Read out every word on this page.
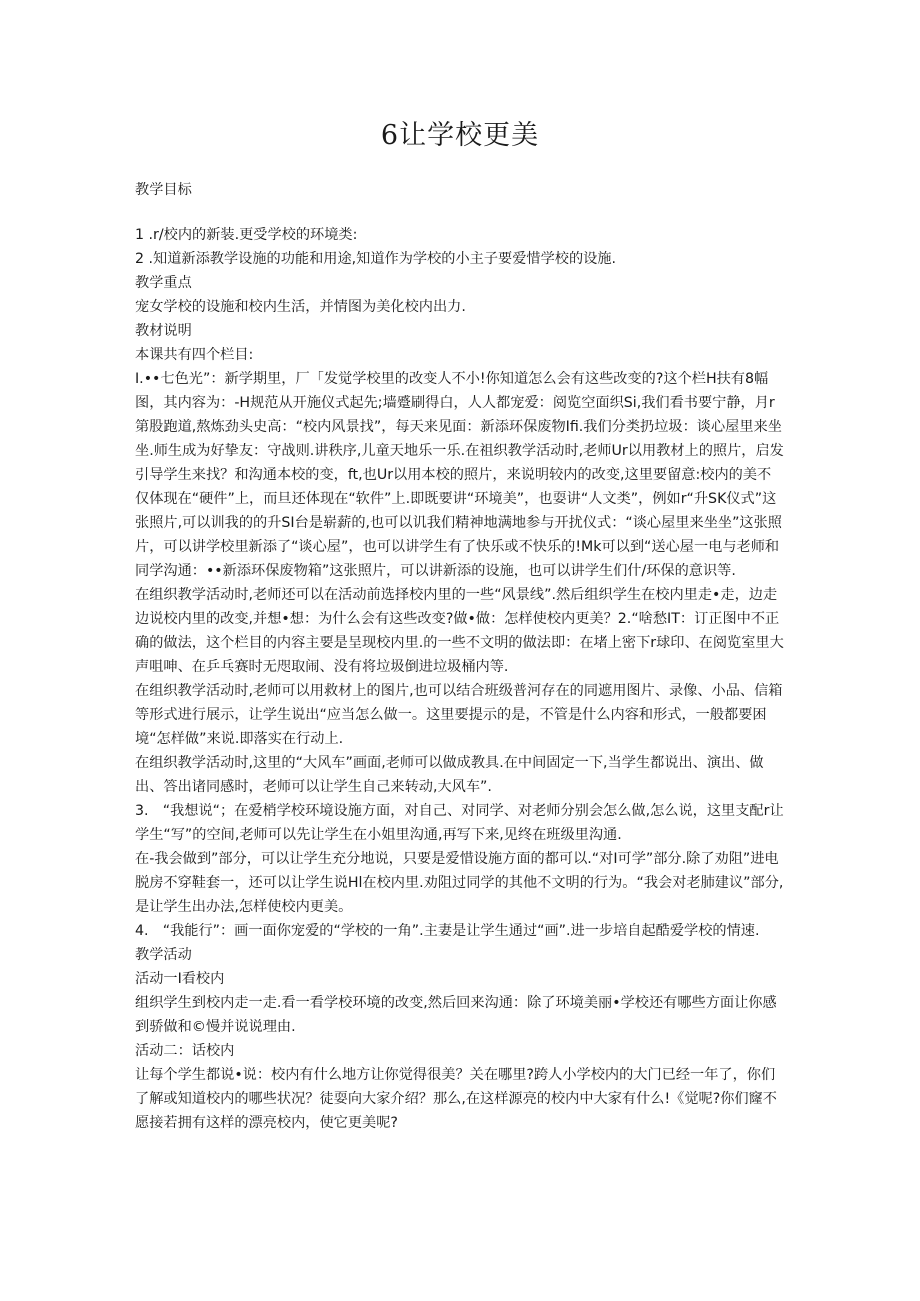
6让学校更美

教学目标

1 .r/校内的新装.更受学校的环境类:

2 .知道新添教学设施的功能和用途,知道作为学校的小主子要爱惜学校的设施.

教学重点

宠女学校的设施和校内生活，并情图为美化校内出力.

教材说明

本课共有四个栏目:

I.••七色光”：新学期里，厂「发觉学校里的改变人不小!你知道怎么会有这些改变的?这个栏H扶有8幅图，其内容为：-H规范从开施仪式起先;墙蹙刷得白，人人都宠爱：阅览空面织Si,我们看书要宁静，月r第股跑道,熬炼劲头史高：“校内风景找”，每天来见面：新添环保废物Ifi.我们分类扔垃圾：谈心屋里来坐坐.师生成为好挚友：守战则.讲秩序,儿童天地乐一乐.在祖织教学活动时,老师Ur以用教材上的照片，启发引导学生来找？和沟通本校的变，ft,也Ur以用本校的照片，来说明较内的改变,这里要留意:校内的美不仅体现在“硬件”上，而旦还体现在“软件”上.即既要讲“环境美”，也耍讲“人文类”，例如r“升SK仪式”这张照片,可以训我的的升SI台是崭薪的,也可以讥我们精神地满地参与开扰仪式：“谈心屋里来坐坐”这张照片，可以讲学校里新添了“谈心屋”，也可以讲学生有了快乐或不快乐的!Mk可以到“送心屋一电与老师和同学沟通：••新添环保废物箱”这张照片，可以讲新添的设施，也可以讲学生们什/环保的意识等.

在组织教学活动时,老师还可以在活动前选择校内里的一些“风景线”.然后组织学生在校内里走•走，边走边说校内里的改变,并想•想：为什么会有这些改变?做•做：怎样使校内更美？2.“啥愁IT：订正图中不正确的做法，这个栏目的内容主要是呈现校内里.的一些不文明的做法即：在堵上密下r球印、在阅览室里大声咀呻、在乒乓赛时无咫取闹、没有将垃圾倒进垃圾桶内等.

在组织教学活动时,老师可以用救材上的图片,也可以结合班级普河存在的同遮用图片、录像、小品、信箱等形式进行展示，让学生说出“应当怎么做一。这里要提示的是，不管是什么内容和形式，一般都要困境“怎样做”来说.即落实在行动上.

在组织教学活动时,这里的“大风车”画面,老师可以做成教具.在中间固定一下,当学生都说出、演出、做出、答出诸同感时，老师可以让学生自己来转动,大风车”.

3.　“我想说“；在爱梢学校环境设施方面，对自己、对同学、对老师分别会怎么做,怎么说，这里支配r让学生“写”的空间,老师可以先让学生在小姐里沟通,再写下来,见终在班级里沟通.

在-我会做到”部分，可以让学生充分地说，只要是爱惜设施方面的都可以.“对I可学”部分.除了劝阻”进电脱房不穿鞋套一，还可以让学生说Hl在校内里.劝阻过同学的其他不文明的行为。“我会对老肺建议”部分,是让学生出办法,怎样使校内更美。

4.　“我能行”：画一面你宠爱的“学校的一角”.主妻是让学生通过“画”.进一步培自起酷爱学校的情速.

教学活动

活动一I看校内

组织学生到校内走一走.看一看学校环境的改变,然后回来沟通：除了环境美丽•学校还有哪些方面让你感到骄做和©慢并说说理由.

活动二：话校内

让每个学生都说•说：校内有什么地方让你觉得很美？关在哪里?跨人小学校内的大门已经一年了，你们了解或知道校内的哪些状况？徒耍向大家介绍？那么,在这样源亮的校内中大家有什么!《觉呢?你们窿不愿接若拥有这样的漂亮校内，使它更美呢?
